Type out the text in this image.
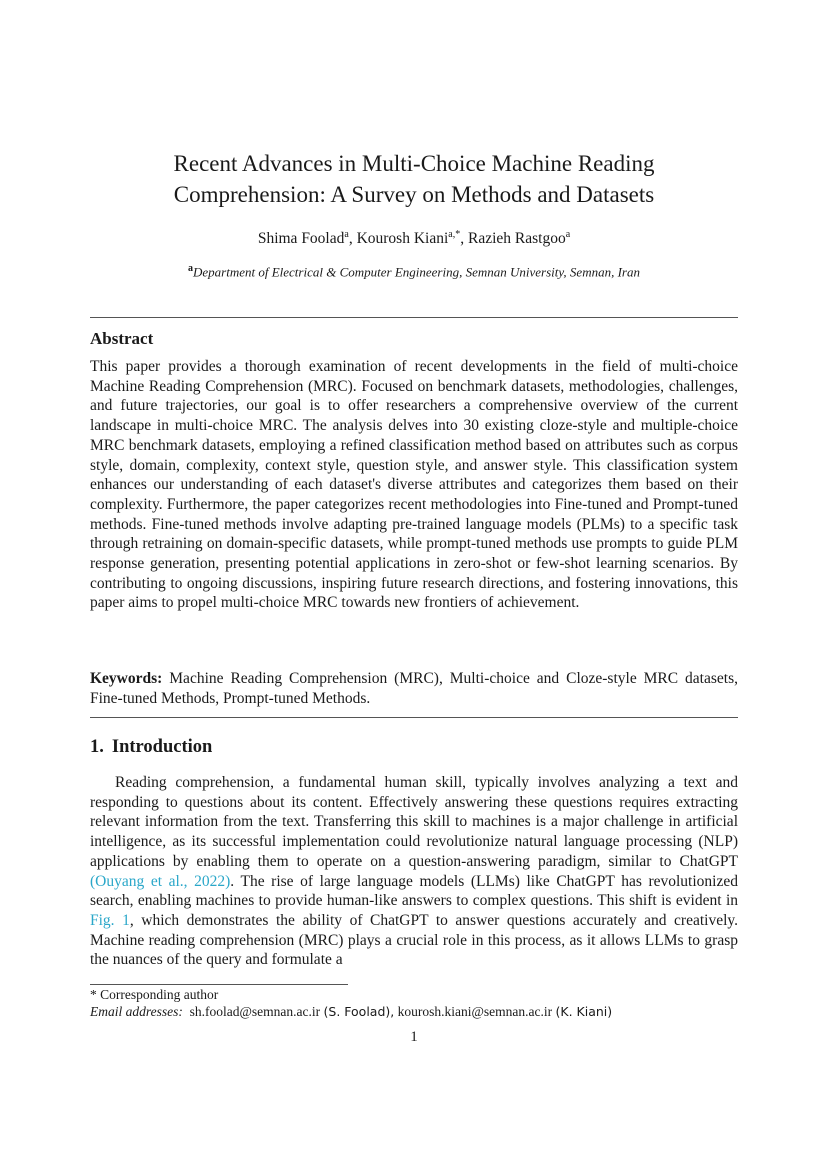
Recent Advances in Multi-Choice Machine Reading
Comprehension: A Survey on Methods and Datasets
Shima Foolad$^a$, Kourosh Kiani$^{a,*}$, Razieh Rastgoo$^a$
$^a$Department of Electrical & Computer Engineering, Semnan University, Semnan, Iran
Abstract

This paper provides a thorough examination of recent developments in the field of multi-choice Machine Reading Comprehension (MRC). Focused on benchmark datasets, methodologies, challenges, and future trajectories, our goal is to offer researchers a comprehensive overview of the current landscape in multi-choice MRC. The analysis delves into 30 existing cloze-style and multiple-choice MRC benchmark datasets, employing a refined classification method based on attributes such as corpus style, domain, complexity, context style, question style, and answer style. This classification system enhances our understanding of each dataset's diverse attributes and categorizes them based on their complexity. Furthermore, the paper categorizes recent methodologies into Fine-tuned and Prompt-tuned methods. Fine-tuned methods involve adapting pre-trained language models (PLMs) to a specific task through retraining on domain-specific datasets, while prompt-tuned methods use prompts to guide PLM response generation, presenting potential applications in zero-shot or few-shot learning scenarios. By contributing to ongoing discussions, inspiring future research directions, and fostering innovations, this paper aims to propel multi-choice MRC towards new frontiers of achievement.

Keywords: Machine Reading Comprehension (MRC), Multi-choice and Cloze-style MRC datasets, Fine-tuned Methods, Prompt-tuned Methods.

1. Introduction

Reading comprehension, a fundamental human skill, typically involves analyzing a text and responding to questions about its content. Effectively answering these questions requires extracting relevant information from the text. Transferring this skill to machines is a major challenge in artificial intelligence, as its successful implementation could revolutionize natural language processing (NLP) applications by enabling them to operate on a question-answering paradigm, similar to ChatGPT (Ouyang et al., 2022). The rise of large language models (LLMs) like ChatGPT has revolutionized search, enabling machines to provide human-like answers to complex questions. This shift is evident in Fig. 1, which demonstrates the ability of ChatGPT to answer questions accurately and creatively. Machine reading comprehension (MRC) plays a crucial role in this process, as it allows LLMs to grasp the nuances of the query and formulate a

* Corresponding author
Email addresses: sh.foolad@semnan.ac.ir (S. Foolad), kourosh.kiani@semnan.ac.ir (K. Kiani)
1
